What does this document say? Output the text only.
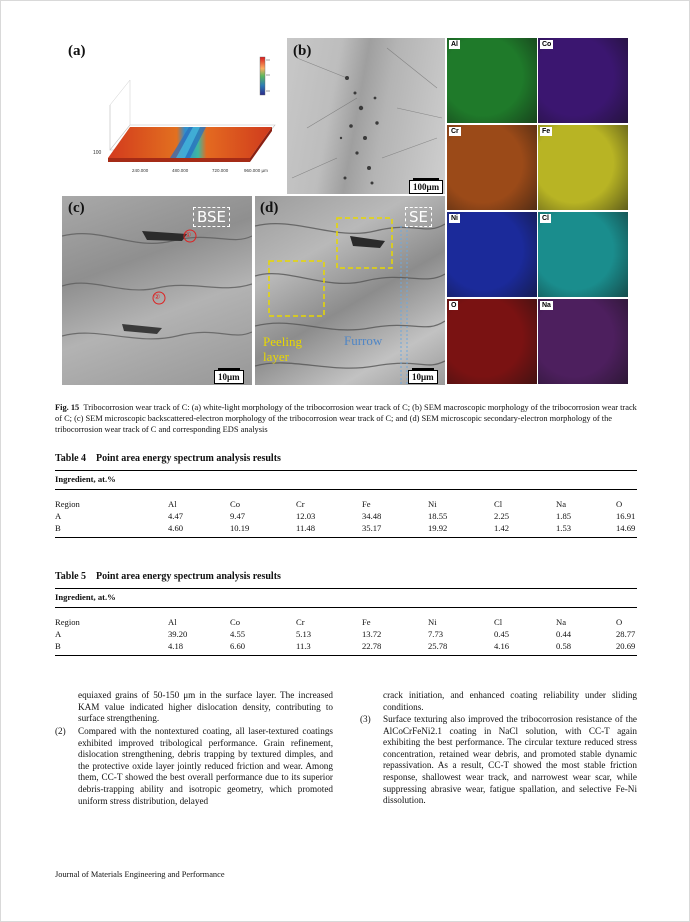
(a)
100
240.000	480.000	720.000	960.000 µm
(b)
100μm
(c)	BSE
①
②
10μm
(d)	SE
Peeling layer
Furrow
10μm
Al	Co
Cr	Fe
Ni	Cl
O	Na
Fig. 15 Tribocorrosion wear track of C: (a) white-light morphology of the tribocorrosion wear track of C; (b) SEM macroscopic morphology of the tribocorrosion wear track of C; (c) SEM microscopic backscattered-electron morphology of the tribocorrosion wear track of C; and (d) SEM microscopic secondary-electron morphology of the tribocorrosion wear track of C and corresponding EDS analysis
Table 4 Point area energy spectrum analysis results
Ingredient, at.%
Region	Al	Co	Cr	Fe	Ni	Cl	Na	O
A	4.47	9.47	12.03	34.48	18.55	2.25	1.85	16.91
B	4.60	10.19	11.48	35.17	19.92	1.42	1.53	14.69
Table 5 Point area energy spectrum analysis results
Ingredient, at.%
Region	Al	Co	Cr	Fe	Ni	Cl	Na	O
A	39.20	4.55	5.13	13.72	7.73	0.45	0.44	28.77
B	4.18	6.60	11.3	22.78	25.78	4.16	0.58	20.69
equiaxed grains of 50-150 μm in the surface layer. The increased KAM value indicated higher dislocation density, contributing to surface strengthening.
(2)	Compared with the nontextured coating, all laser-textured coatings exhibited improved tribological performance. Grain refinement, dislocation strengthening, debris trapping by textured dimples, and the protective oxide layer jointly reduced friction and wear. Among them, CC-T showed the best overall performance due to its superior debris-trapping ability and isotropic geometry, which promoted uniform stress distribution, delayed
crack initiation, and enhanced coating reliability under sliding conditions.
(3)	Surface texturing also improved the tribocorrosion resistance of the AlCoCrFeNi2.1 coating in NaCl solution, with CC-T again exhibiting the best performance. The circular texture reduced stress concentration, retained wear debris, and promoted stable dynamic repassivation. As a result, CC-T showed the most stable friction response, shallowest wear track, and narrowest wear scar, while suppressing abrasive wear, fatigue spallation, and selective Fe-Ni dissolution.
Journal of Materials Engineering and Performance
